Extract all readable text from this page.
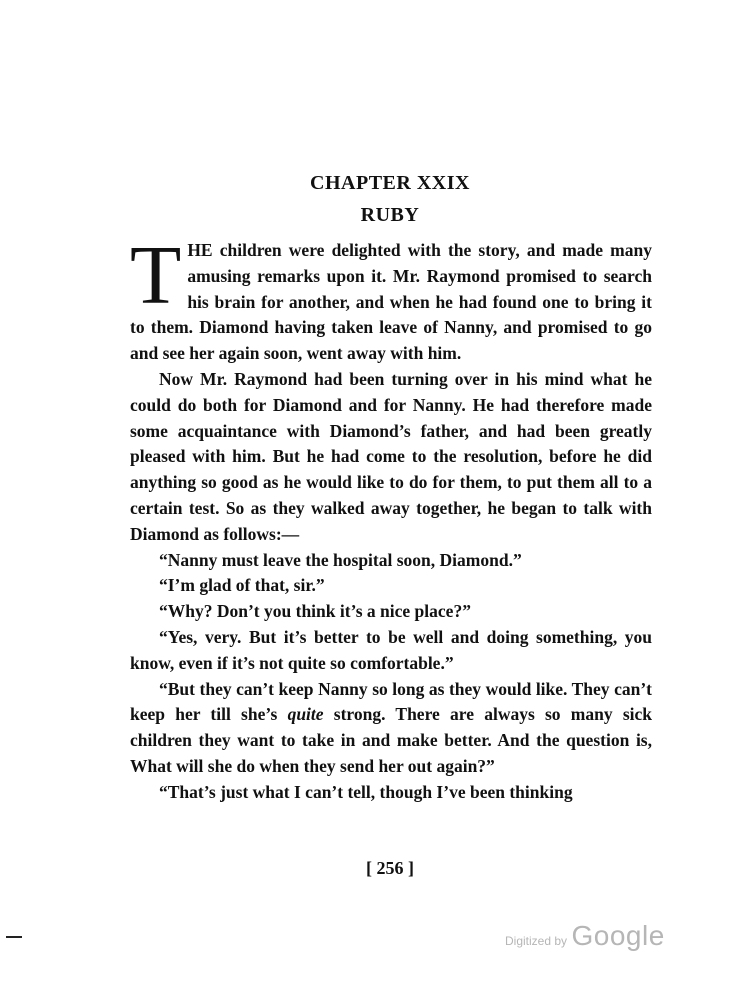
CHAPTER XXIX
RUBY

THE children were delighted with the story, and made many amusing remarks upon it. Mr. Raymond promised to search his brain for another, and when he had found one to bring it to them. Diamond having taken leave of Nanny, and promised to go and see her again soon, went away with him.

Now Mr. Raymond had been turning over in his mind what he could do both for Diamond and for Nanny. He had therefore made some acquaintance with Diamond’s father, and had been greatly pleased with him. But he had come to the resolution, before he did anything so good as he would like to do for them, to put them all to a certain test. So as they walked away together, he began to talk with Diamond as follows:—

“Nanny must leave the hospital soon, Diamond.”

“I’m glad of that, sir.”

“Why? Don’t you think it’s a nice place?”

“Yes, very. But it’s better to be well and doing something, you know, even if it’s not quite so comfortable.”

“But they can’t keep Nanny so long as they would like. They can’t keep her till she’s quite strong. There are always so many sick children they want to take in and make better. And the question is, What will she do when they send her out again?”

“That’s just what I can’t tell, though I’ve been thinking

[ 256 ]
Digitized by Google
